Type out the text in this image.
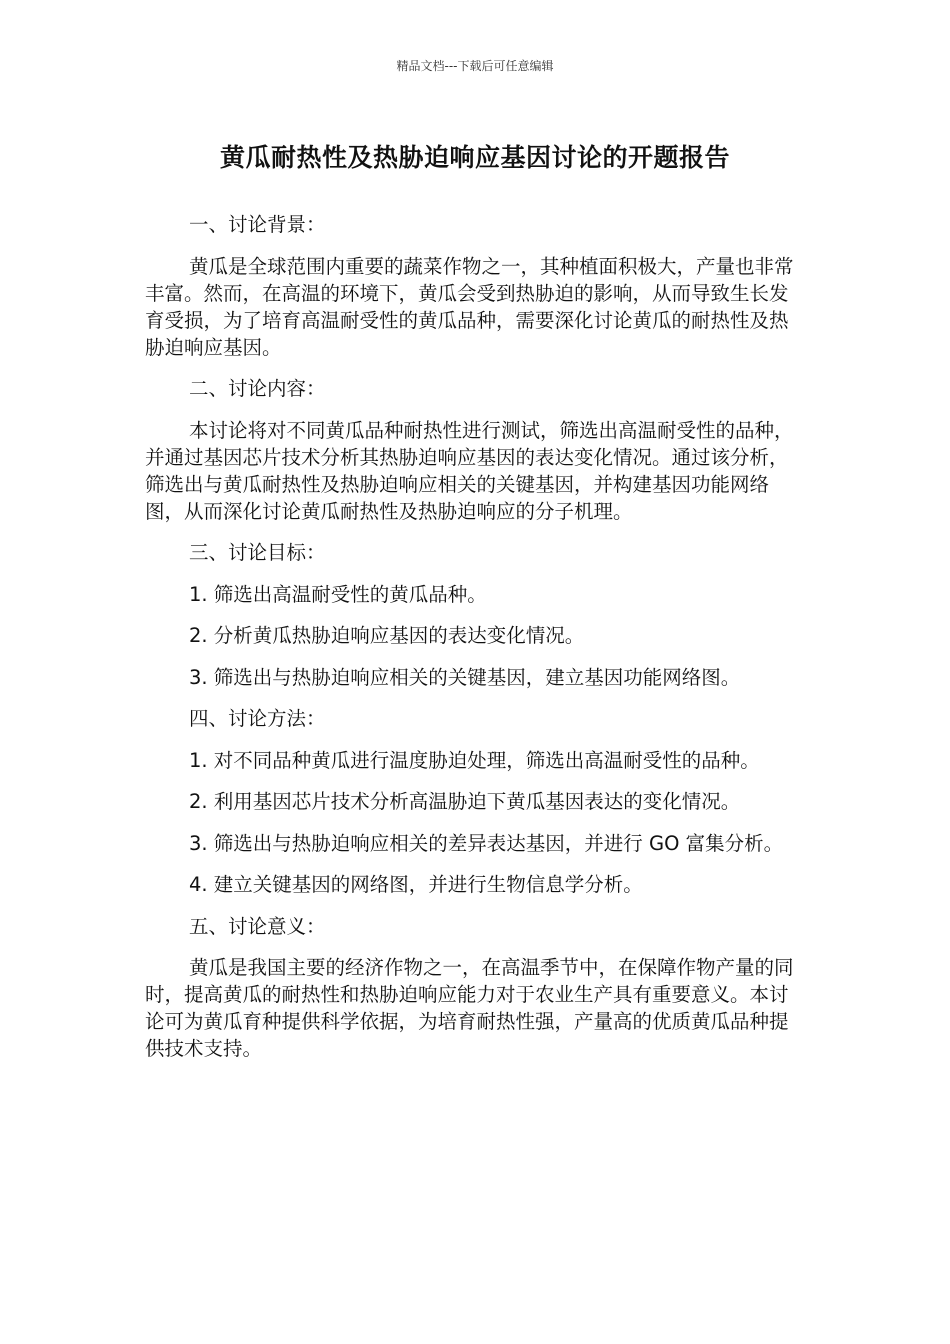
精品文档---下载后可任意编辑
黄瓜耐热性及热胁迫响应基因讨论的开题报告

一、讨论背景：

黄瓜是全球范围内重要的蔬菜作物之一，其种植面积极大，产量也非常丰富。然而，在高温的环境下，黄瓜会受到热胁迫的影响，从而导致生长发育受损，为了培育高温耐受性的黄瓜品种，需要深化讨论黄瓜的耐热性及热胁迫响应基因。

二、讨论内容：

本讨论将对不同黄瓜品种耐热性进行测试，筛选出高温耐受性的品种，并通过基因芯片技术分析其热胁迫响应基因的表达变化情况。通过该分析，筛选出与黄瓜耐热性及热胁迫响应相关的关键基因，并构建基因功能网络图，从而深化讨论黄瓜耐热性及热胁迫响应的分子机理。

三、讨论目标：

1. 筛选出高温耐受性的黄瓜品种。

2. 分析黄瓜热胁迫响应基因的表达变化情况。

3. 筛选出与热胁迫响应相关的关键基因，建立基因功能网络图。

四、讨论方法：

1. 对不同品种黄瓜进行温度胁迫处理，筛选出高温耐受性的品种。

2. 利用基因芯片技术分析高温胁迫下黄瓜基因表达的变化情况。

3. 筛选出与热胁迫响应相关的差异表达基因，并进行 GO 富集分析。

4. 建立关键基因的网络图，并进行生物信息学分析。

五、讨论意义：

黄瓜是我国主要的经济作物之一，在高温季节中，在保障作物产量的同时，提高黄瓜的耐热性和热胁迫响应能力对于农业生产具有重要意义。本讨论可为黄瓜育种提供科学依据，为培育耐热性强，产量高的优质黄瓜品种提供技术支持。
